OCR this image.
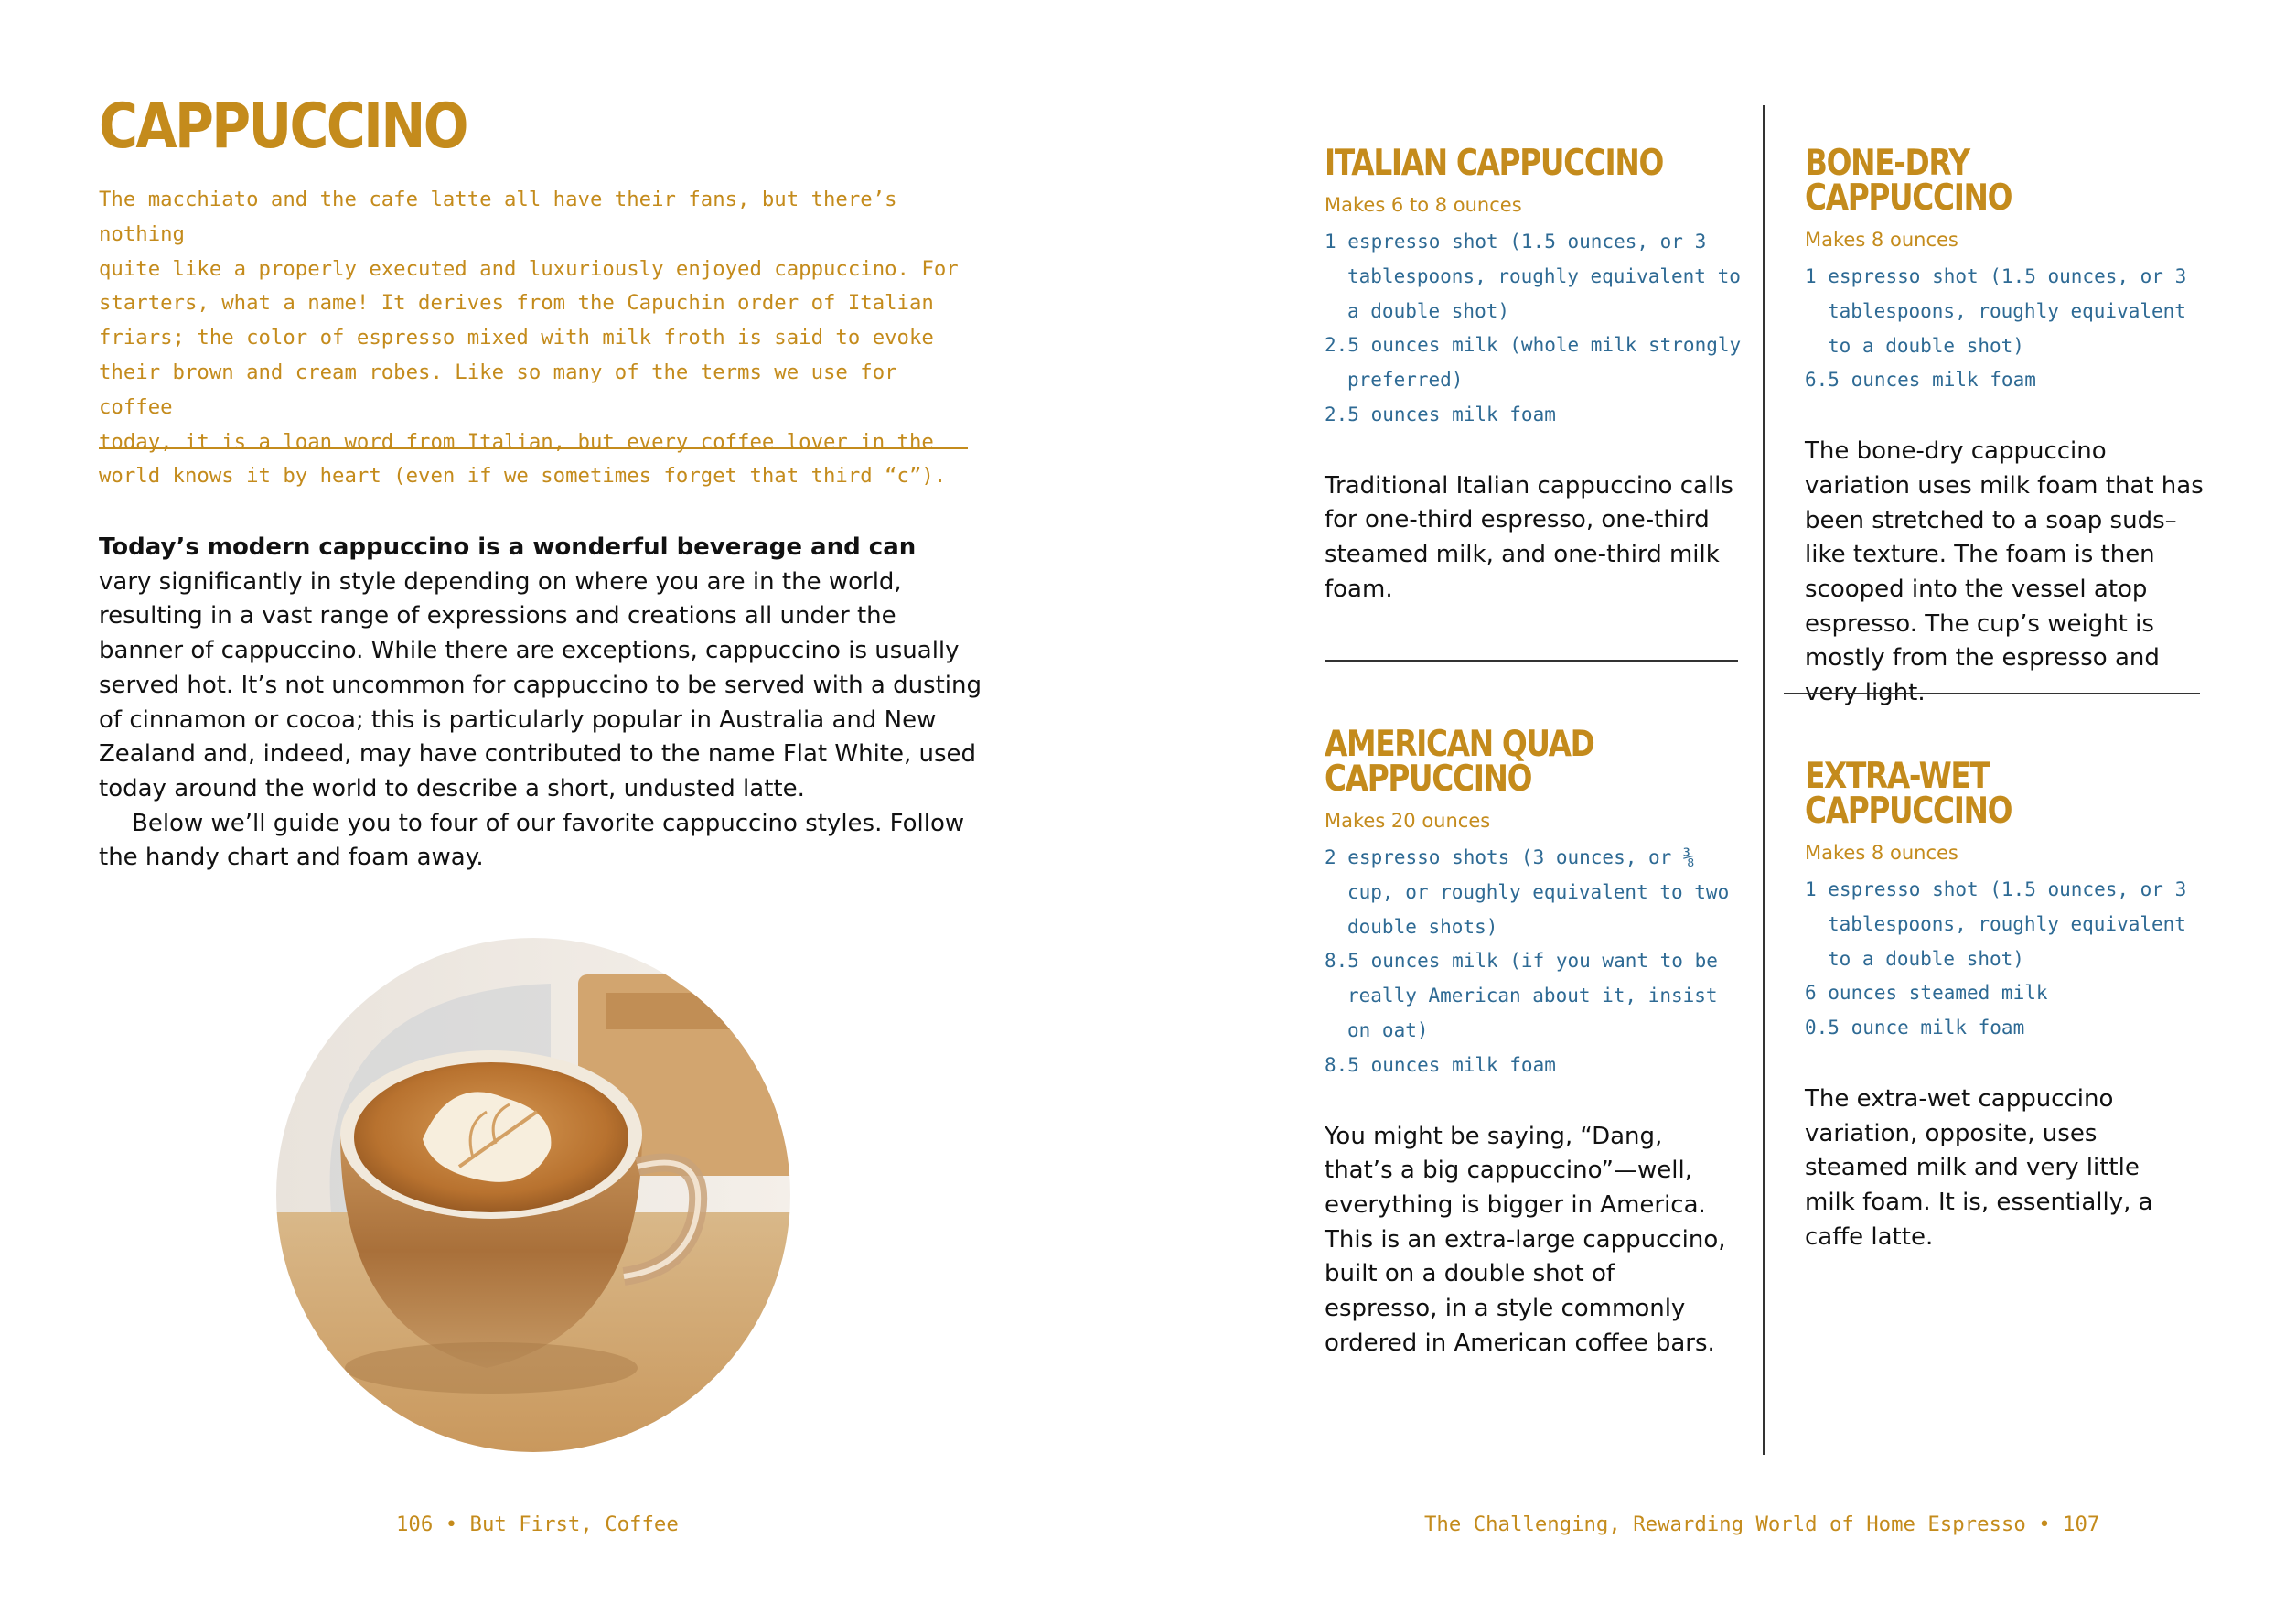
CAPPUCCINO

The macchiato and the cafe latte all have their fans, but there’s nothing
quite like a properly executed and luxuriously enjoyed cappuccino. For
starters, what a name! It derives from the Capuchin order of Italian
friars; the color of espresso mixed with milk froth is said to evoke
their brown and cream robes. Like so many of the terms we use for coffee
today, it is a loan word from Italian, but every coffee lover in the
world knows it by heart (even if we sometimes forget that third “c”).

Today’s modern cappuccino is a wonderful beverage and can
vary significantly in style depending on where you are in the world, resulting in a vast range of expressions and creations all under the banner of cappuccino. While there are exceptions, cappuccino is usually served hot. It’s not uncommon for cappuccino to be served with a dusting of cinnamon or cocoa; this is particularly popular in Australia and New Zealand and, indeed, may have contributed to the name Flat White, used today around the world to describe a short, undusted latte.
Below we’ll guide you to four of our favorite cappuccino styles. Follow the handy chart and foam away.
106 • But First, Coffee
ITALIAN CAPPUCCINO
Makes 6 to 8 ounces
1 espresso shot (1.5 ounces, or 3 tablespoons, roughly equivalent to a double shot)
2.5 ounces milk (whole milk strongly preferred)
2.5 ounces milk foam

Traditional Italian cappuccino calls for one-third espresso, one-third steamed milk, and one-third milk foam.

AMERICAN QUAD
CAPPUCCINO
Makes 20 ounces
2 espresso shots (3 ounces, or ⅜ cup, or roughly equivalent to two double shots)
8.5 ounces milk (if you want to be really American about it, insist on oat)
8.5 ounces milk foam

You might be saying, “Dang, that’s a big cappuccino”—well, everything is bigger in America. This is an extra-large cappuccino, built on a double shot of espresso, in a style commonly ordered in American coffee bars.

BONE-DRY CAPPUCCINO
Makes 8 ounces
1 espresso shot (1.5 ounces, or 3 tablespoons, roughly equivalent to a double shot)
6.5 ounces milk foam

The bone-dry cappuccino variation uses milk foam that has been stretched to a soap suds–like texture. The foam is then scooped into the vessel atop espresso. The cup’s weight is mostly from the espresso and very light.

EXTRA-WET CAPPUCCINO
Makes 8 ounces
1 espresso shot (1.5 ounces, or 3 tablespoons, roughly equivalent to a double shot)
6 ounces steamed milk
0.5 ounce milk foam

The extra-wet cappuccino variation, opposite, uses steamed milk and very little milk foam. It is, essentially, a caffe latte.

The Challenging, Rewarding World of Home Espresso • 107
